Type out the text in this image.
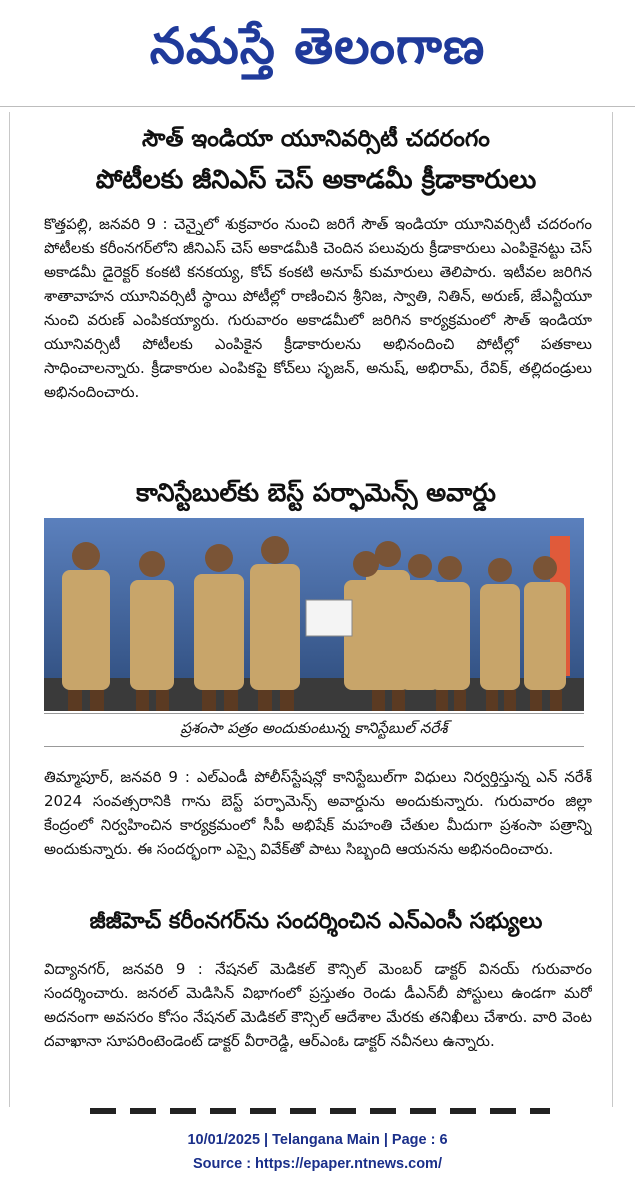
నమస్తే తెలంగాణ
సౌత్ ఇండియా యూనివర్సిటీ చదరంగం
పోటీలకు జీనిఎస్ చెస్ అకాడమీ క్రీడాకారులు
కొత్తపల్లి, జనవరి 9 : చెన్నైలో శుక్రవారం నుంచి జరిగే సౌత్ ఇండియా యూనివర్సిటీ చదరంగం పోటీలకు కరీంనగర్‌లోని జీనిఎస్ చెస్ అకాడమీకి చెందిన పలువురు క్రీడాకారులు ఎంపికైనట్టు చెస్ అకాడమీ డైరెక్టర్ కంకటి కనకయ్య, కోచ్ కంకటి అనూప్ కుమారులు తెలిపారు. ఇటీవల జరిగిన శాతావాహన యూనివర్సిటీ స్థాయి పోటీల్లో రాణించిన శ్రీనిజ, స్వాతి, నితిన్, అరుణ్, జేఎన్టీయూ నుంచి వరుణ్ ఎంపికయ్యారు. గురువారం అకాడమీలో జరిగిన కార్యక్రమంలో సౌత్ ఇండియా యూనివర్సిటీ పోటీలకు ఎంపికైన క్రీడాకారులను అభినందించి పోటీల్లో పతకాలు సాధించాలన్నారు. క్రీడాకారుల ఎంపికపై కోచ్‌లు సృజన్, అనుష్, అభిరామ్, రేవిక్, తల్లిదండ్రులు అభినందించారు.
కానిస్టేబుల్‌కు బెస్ట్ పర్ఫామెన్స్ అవార్డు
ప్రశంసా పత్రం అందుకుంటున్న కానిస్టేబుల్ నరేశ్
తిమ్మాపూర్, జనవరి 9 : ఎల్ఎండీ పోలీస్‌స్టేషన్లో కానిస్టేబుల్‌గా విధులు నిర్వర్తిస్తున్న ఎన్ నరేశ్ 2024 సంవత్సరానికి గాను బెస్ట్ పర్ఫామెన్స్ అవార్డును అందుకున్నారు. గురువారం జిల్లా కేంద్రంలో నిర్వహించిన కార్యక్రమంలో సీపీ అభిషేక్ మహంతి చేతుల మీదుగా ప్రశంసా పత్రాన్ని అందుకున్నారు. ఈ సందర్భంగా ఎస్సై వివేక్‌తో పాటు సిబ్బంది ఆయనను అభినందించారు.
జీజీహెచ్ కరీంనగర్‌ను సందర్శించిన ఎన్ఎంసీ సభ్యులు
విద్యానగర్, జనవరి 9 : నేషనల్ మెడికల్ కౌన్సిల్ మెంబర్ డాక్టర్ వినయ్ గురువారం సందర్శించారు. జనరల్ మెడిసిన్ విభాగంలో ప్రస్తుతం రెండు డీఎన్‌బీ పోస్టులు ఉండగా మరో అదనంగా అవసరం కోసం నేషనల్ మెడికల్ కౌన్సిల్ ఆదేశాల మేరకు తనిఖీలు చేశారు. వారి వెంట దవాఖానా సూపరింటెండెంట్ డాక్టర్ వీరారెడ్డి, ఆర్ఎంఓ డాక్టర్ నవీనలు ఉన్నారు.
10/01/2025 | Telangana Main | Page : 6
Source : https://epaper.ntnews.com/
